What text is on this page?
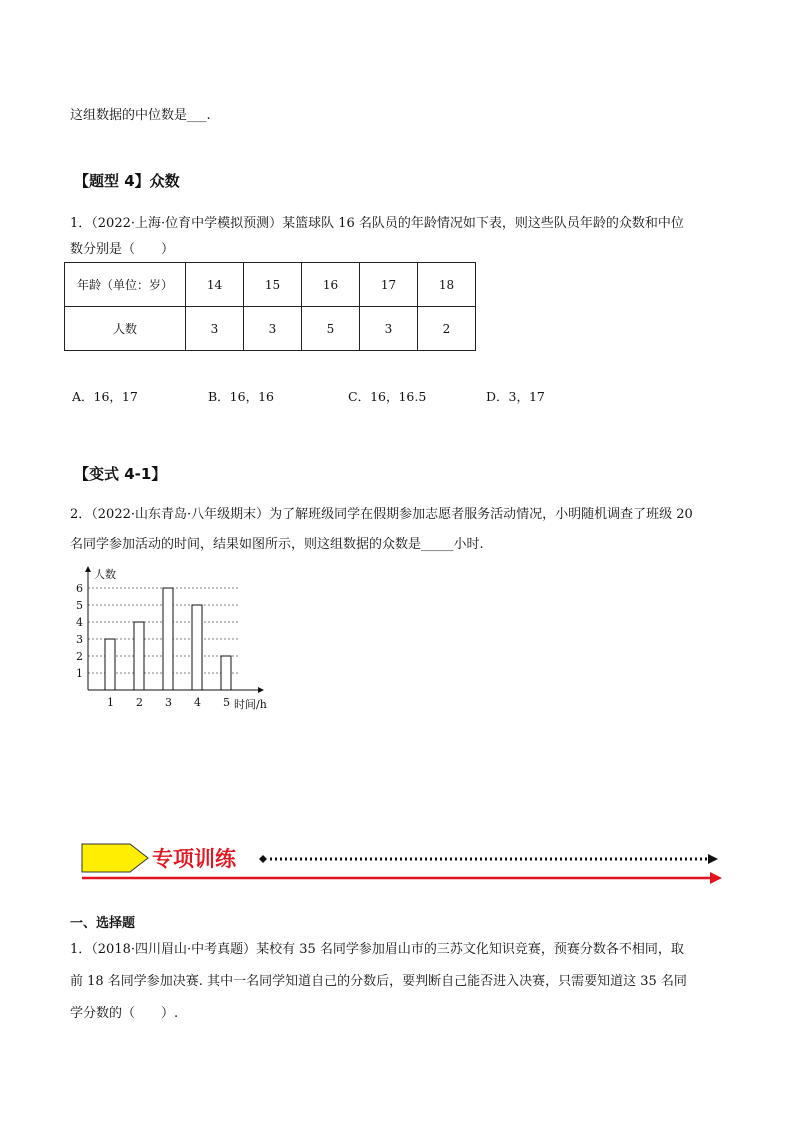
这组数据的中位数是___.
【题型 4】众数
1．（2022·上海·位育中学模拟预测）某篮球队 16 名队员的年龄情况如下表，则这些队员年龄的众数和中位
数分别是（　　）
年龄（单位：岁）	14	15	16	17	18
人数	3	3	5	3	2
A．16，17	B．16，16	C．16，16.5	D．3，17
【变式 4-1】
2．（2022·山东青岛·八年级期末）为了解班级同学在假期参加志愿者服务活动情况，小明随机调查了班级 20
名同学参加活动的时间，结果如图所示，则这组数据的众数是_____小时.
人数
时间/h
1
2
3
4
5
6
1 2 3 4 5
专项训练
一、选择题
1．（2018·四川眉山·中考真题）某校有 35 名同学参加眉山市的三苏文化知识竞赛，预赛分数各不相同，取
前 18 名同学参加决赛. 其中一名同学知道自己的分数后，要判断自己能否进入决赛，只需要知道这 35 名同
学分数的（　　）.
